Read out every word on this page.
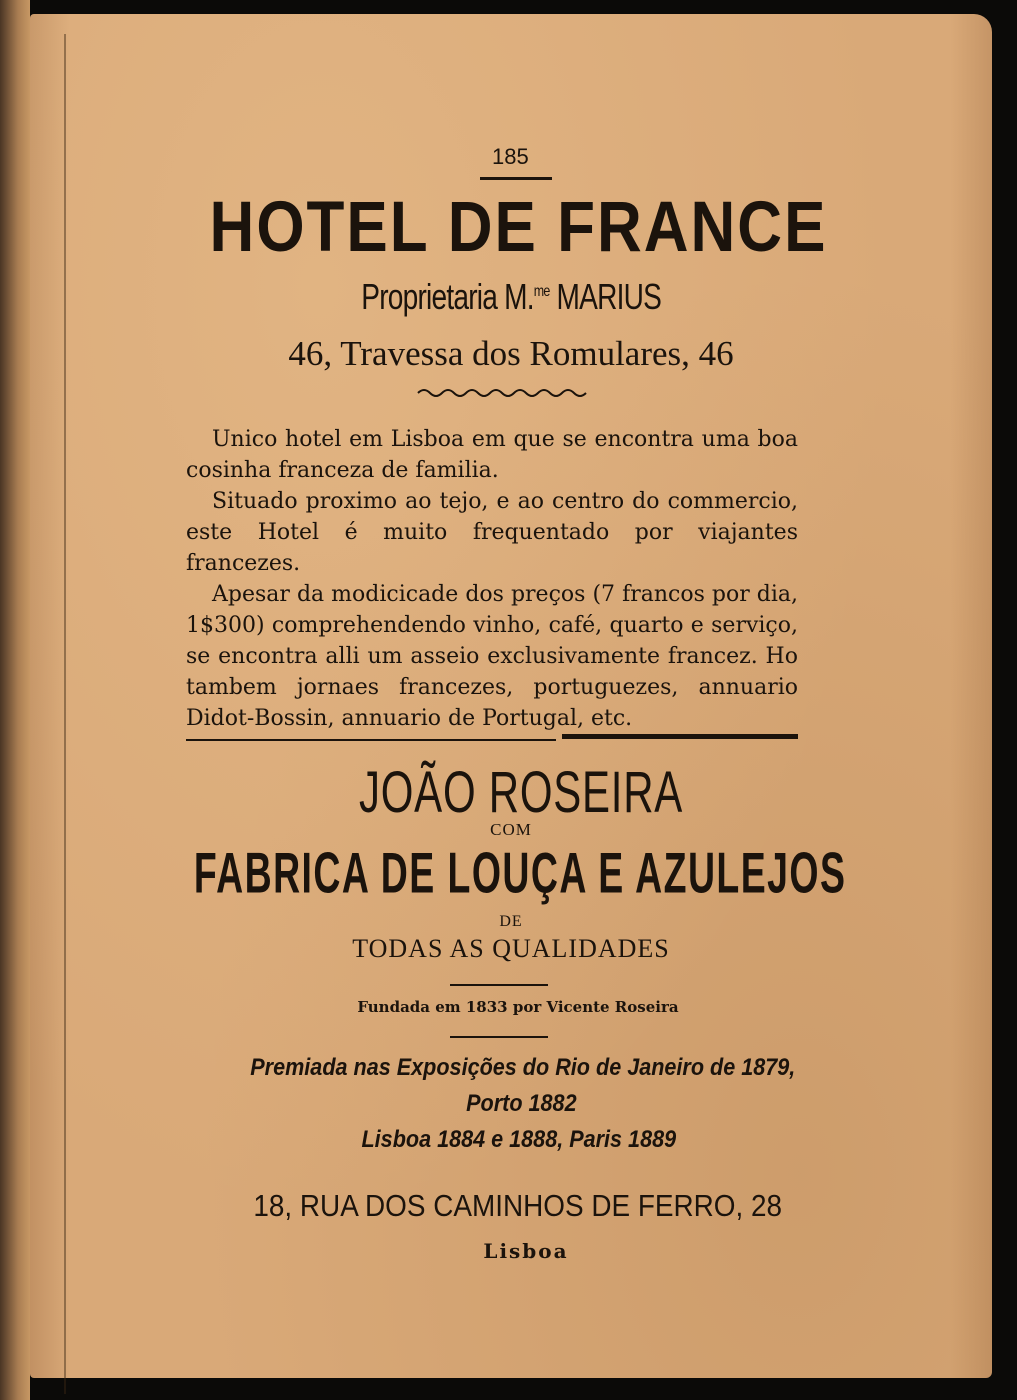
185
HOTEL DE FRANCE
Proprietaria M.$^{me}$ MARIUS
46, Travessa dos Romulares, 46

Unico hotel em Lisboa em que se encontra uma boa cosinha franceza de familia.

Situado proximo ao tejo, e ao centro do commercio, este Hotel é muito frequentado por viajantes francezes.

Apesar da modicicade dos preços (7 francos por dia, 1$300) comprehendendo vinho, café, quarto e serviço, se encontra alli um asseio exclusivamente francez. Ho tambem jornaes francezes, portuguezes, annuario Didot-Bossin, annuario de Portugal, etc.

JOÃO ROSEIRA
COM
FABRICA DE LOUÇA E AZULEJOS
DE
TODAS AS QUALIDADES
Fundada em 1833 por Vicente Roseira
Premiada nas Exposições do Rio de Janeiro de 1879,
Porto 1882
Lisboa 1884 e 1888, Paris 1889
18, RUA DOS CAMINHOS DE FERRO, 28
Lisboa
